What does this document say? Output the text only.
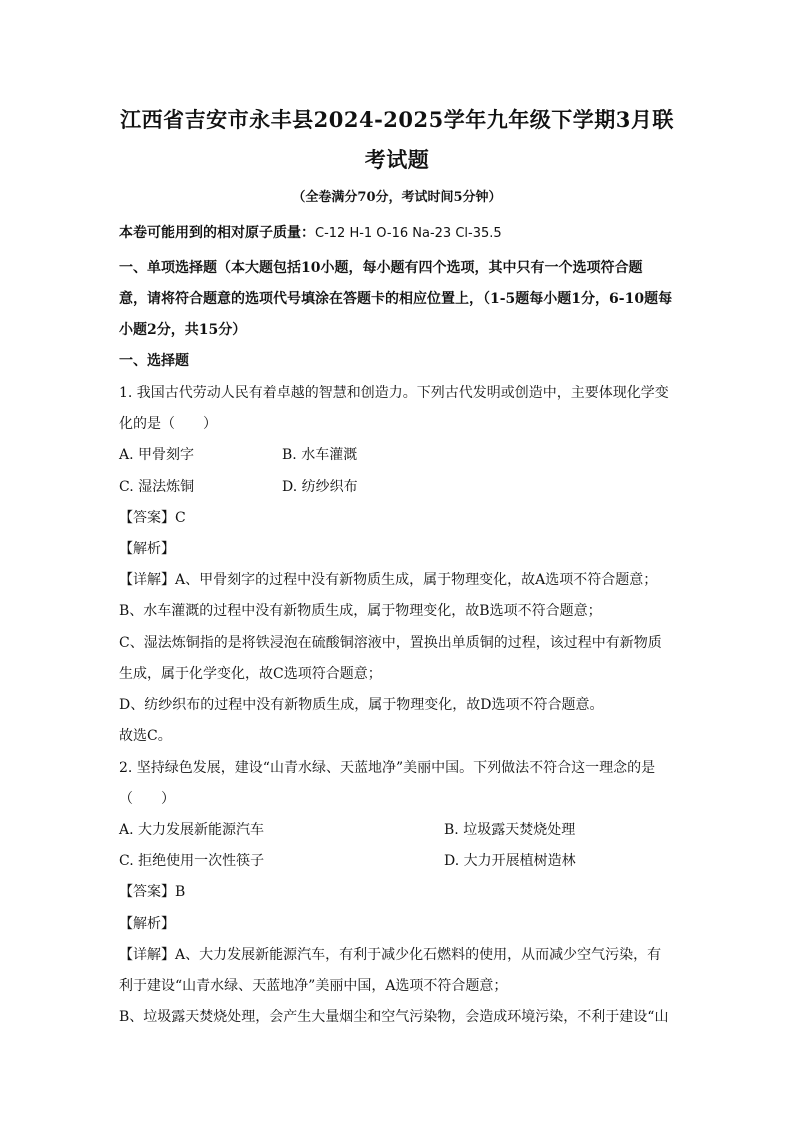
江西省吉安市永丰县2024-2025学年九年级下学期3月联
考试题
（全卷满分70分，考试时间5分钟）
本卷可能用到的相对原子质量：C-12 H-1 O-16 Na-23 Cl-35.5
一、单项选择题（本大题包括10小题，每小题有四个选项，其中只有一个选项符合题
意，请将符合题意的选项代号填涂在答题卡的相应位置上，（1-5题每小题1分，6-10题每
小题2分，共15分）
一、选择题
1. 我国古代劳动人民有着卓越的智慧和创造力。下列古代发明或创造中，主要体现化学变
化的是（　　）
A. 甲骨刻字	B. 水车灌溉
C. 湿法炼铜	D. 纺纱织布
【答案】C
【解析】
【详解】A、甲骨刻字的过程中没有新物质生成，属于物理变化，故A选项不符合题意；
B、水车灌溉的过程中没有新物质生成，属于物理变化，故B选项不符合题意；
C、湿法炼铜指的是将铁浸泡在硫酸铜溶液中，置换出单质铜的过程，该过程中有新物质
生成，属于化学变化，故C选项符合题意；
D、纺纱织布的过程中没有新物质生成，属于物理变化，故D选项不符合题意。
故选C。
2. 坚持绿色发展，建设“山青水绿、天蓝地净”美丽中国。下列做法不符合这一理念的是
（　　）
A. 大力发展新能源汽车	B. 垃圾露天焚烧处理
C. 拒绝使用一次性筷子	D. 大力开展植树造林
【答案】B
【解析】
【详解】A、大力发展新能源汽车，有利于减少化石燃料的使用，从而减少空气污染，有
利于建设“山青水绿、天蓝地净”美丽中国，A选项不符合题意；
B、垃圾露天焚烧处理，会产生大量烟尘和空气污染物，会造成环境污染，不利于建设“山
